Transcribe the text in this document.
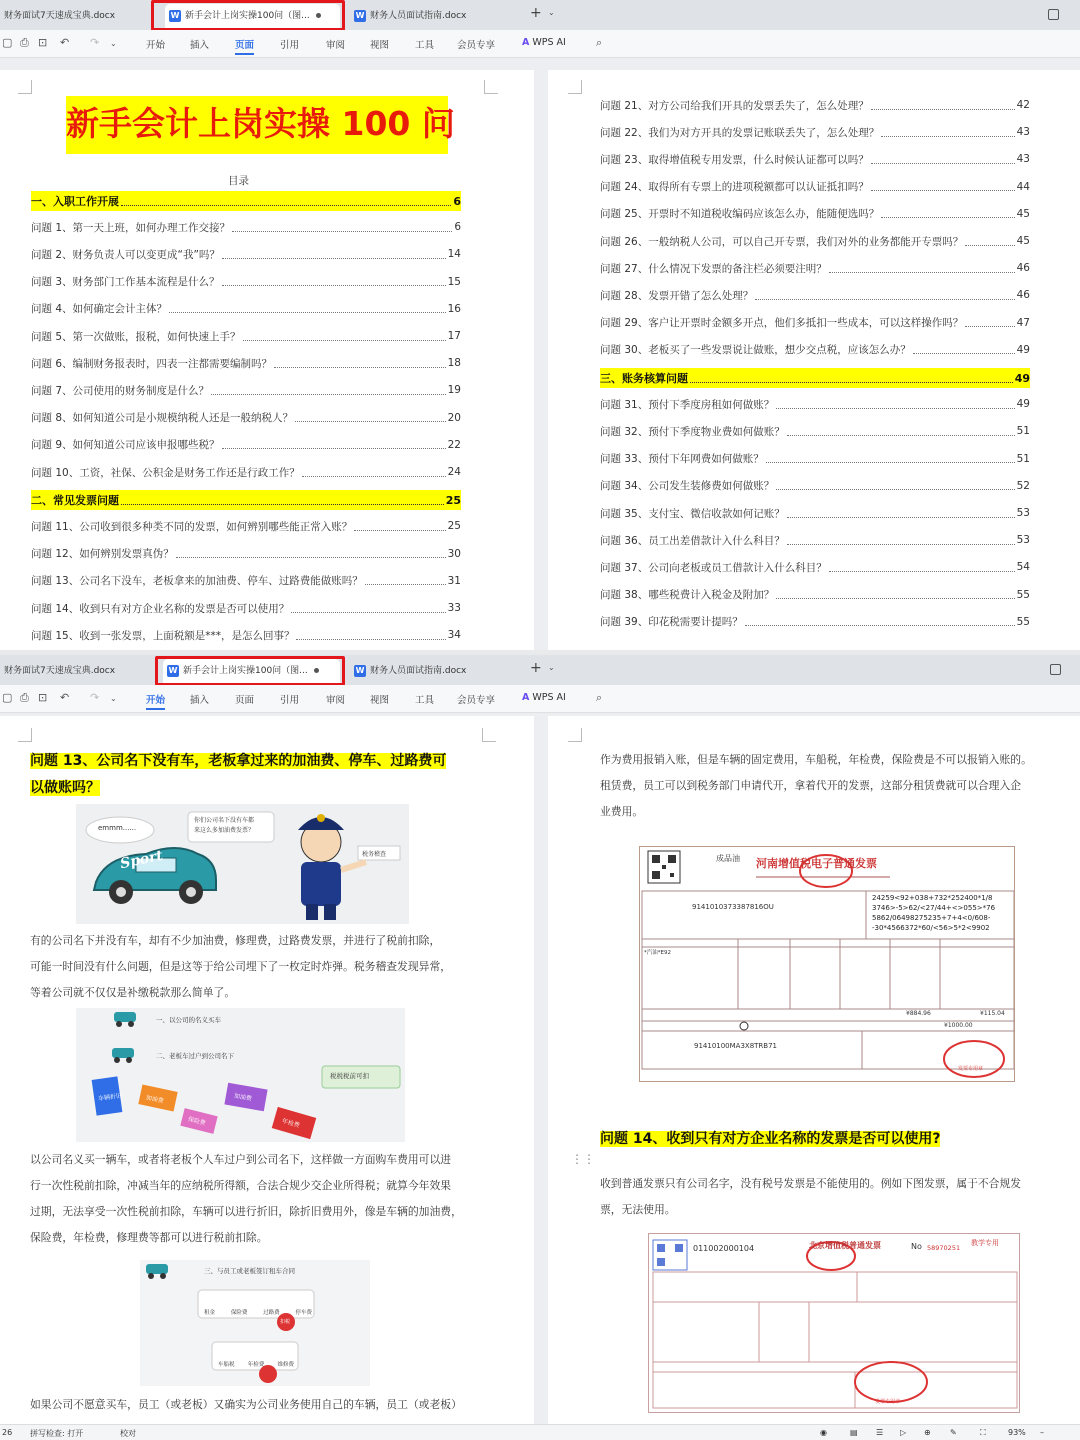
财务面试7天速成宝典.docx	W 新手会计上岗实操100问（图...	W 财务人员面试指南.docx	+ ⌄
▢ ⎙ ⊡ ↶ ↷ ⌄	开始	插入	页面	引用	审阅	视图	工具 会员专享	A WPS AI	⌕
新手会计上岗实操 100 问
目录
一、入职工作开展	6
问题 1、第一天上班，如何办理工作交接？	6
问题 2、财务负责人可以变更成“我”吗？	14
问题 3、财务部门工作基本流程是什么？	15
问题 4、如何确定会计主体？	16
问题 5、第一次做账，报税，如何快速上手？	17
问题 6、编制财务报表时，四表一注都需要编制吗？	18
问题 7、公司使用的财务制度是什么？	19
问题 8、如何知道公司是小规模纳税人还是一般纳税人？	20
问题 9、如何知道公司应该申报哪些税？	22
问题 10、工资，社保、公积金是财务工作还是行政工作？	24
二、常见发票问题	25
问题 11、公司收到很多种类不同的发票，如何辨别哪些能正常入账？	25
问题 12、如何辨别发票真伪？	30
问题 13、公司名下没车，老板拿来的加油费、停车、过路费能做账吗？	31
问题 14、收到只有对方企业名称的发票是否可以使用？	33
问题 15、收到一张发票，上面税额是***，是怎么回事？	34
问题 21、对方公司给我们开具的发票丢失了，怎么处理？	42
问题 22、我们为对方开具的发票记账联丢失了，怎么处理？	43
问题 23、取得增值税专用发票，什么时候认证都可以吗？	43
问题 24、取得所有专票上的进项税额都可以认证抵扣吗？	44
问题 25、开票时不知道税收编码应该怎么办，能随便选吗？	45
问题 26、一般纳税人公司，可以自己开专票，我们对外的业务都能开专票吗？	45
问题 27、什么情况下发票的备注栏必须要注明？	46
问题 28、发票开错了怎么处理？	46
问题 29、客户让开票时金额多开点，他们多抵扣一些成本，可以这样操作吗？	47
问题 30、老板买了一些发票说让做账，想少交点税，应该怎么办？	49
三、账务核算问题	49
问题 31、预付下季度房租如何做账？	49
问题 32、预付下季度物业费如何做账？	51
问题 33、预付下年网费如何做账？	51
问题 34、公司发生装修费如何做账？	52
问题 35、支付宝、微信收款如何记账？	53
问题 36、员工出差借款计入什么科目？	53
问题 37、公司向老板或员工借款计入什么科目？	54
问题 38、哪些税费计入税金及附加？	55
问题 39、印花税需要计提吗？	55
财务面试7天速成宝典.docx	W 新手会计上岗实操100问（图...	W 财务人员面试指南.docx	+ ⌄
▢ ⎙ ⊡ ↶ ↷ ⌄	开始	插入	页面	引用	审阅	视图	工具 会员专享	A WPS AI	⌕
问题 13、公司名下没有车，老板拿过来的加油费、停车、过路费可
以做账吗？
emmm......
Sport
你们公司名下没有车都
来这么多加油费发票？
税务稽查
有的公司名下并没有车，却有不少加油费，修理费，过路费发票，并进行了税前扣除，
可能一时间没有什么问题，但是这等于给公司埋下了一枚定时炸弹。税务稽查发现异常，
等着公司就不仅仅是补缴税款那么简单了。
一、以公司的名义买车
二、老板车过户到公司名下
税税税前可扣
车辆折旧	加油费
保险费
加油费
年检费
以公司名义买一辆车，或者将老板个人车过户到公司名下，这样做一方面购车费用可以进
行一次性税前扣除，冲减当年的应纳税所得额，合法合规少交企业所得税；就算今年效果
过期，无法享受一次性税前扣除，车辆可以进行折旧，除折旧费用外，像是车辆的加油费，
保险费，年检费，修理费等都可以进行税前扣除。
三、与员工或老板签订租车合同
租金	保险费	过路费	停车费
扣税
车船税 年检费 维修费
如果公司不愿意买车，员工（或老板）又确实为公司业务使用自己的车辆，员工（或老板）
作为费用报销入账，但是车辆的固定费用，车船税，年检费，保险费是不可以报销入账的。
租赁费，员工可以到税务部门申请代开，拿着代开的发票，这部分租赁费就可以合理入企
业费用。
成品油 河南增值税电子普通发票
9141010373387816OU
24259<92+038+732*252400*1/8
3746>-5>62/<27/44+<>055>*76
5862/06498275235+7+4<0/608-
-30*4566372*60/<56>5*2<9902
*汽油*E92
¥884.96	¥115.04
¥1000.00
91410100MA3X8TRB71
发票专用章
问题 14、收到只有对方企业名称的发票是否可以使用?
⋮⋮
收到普通发票只有公司名字，没有税号发票是不能使用的。例如下图发票，属于不合规发
票，无法使用。
011002000104	北京增值税普通发票	No 58970251
教学专用
发票专用章
26 拼写检查: 打开	校对	◉	▤ ☰ ▷ ⊕ ✎	⛶	93% –
